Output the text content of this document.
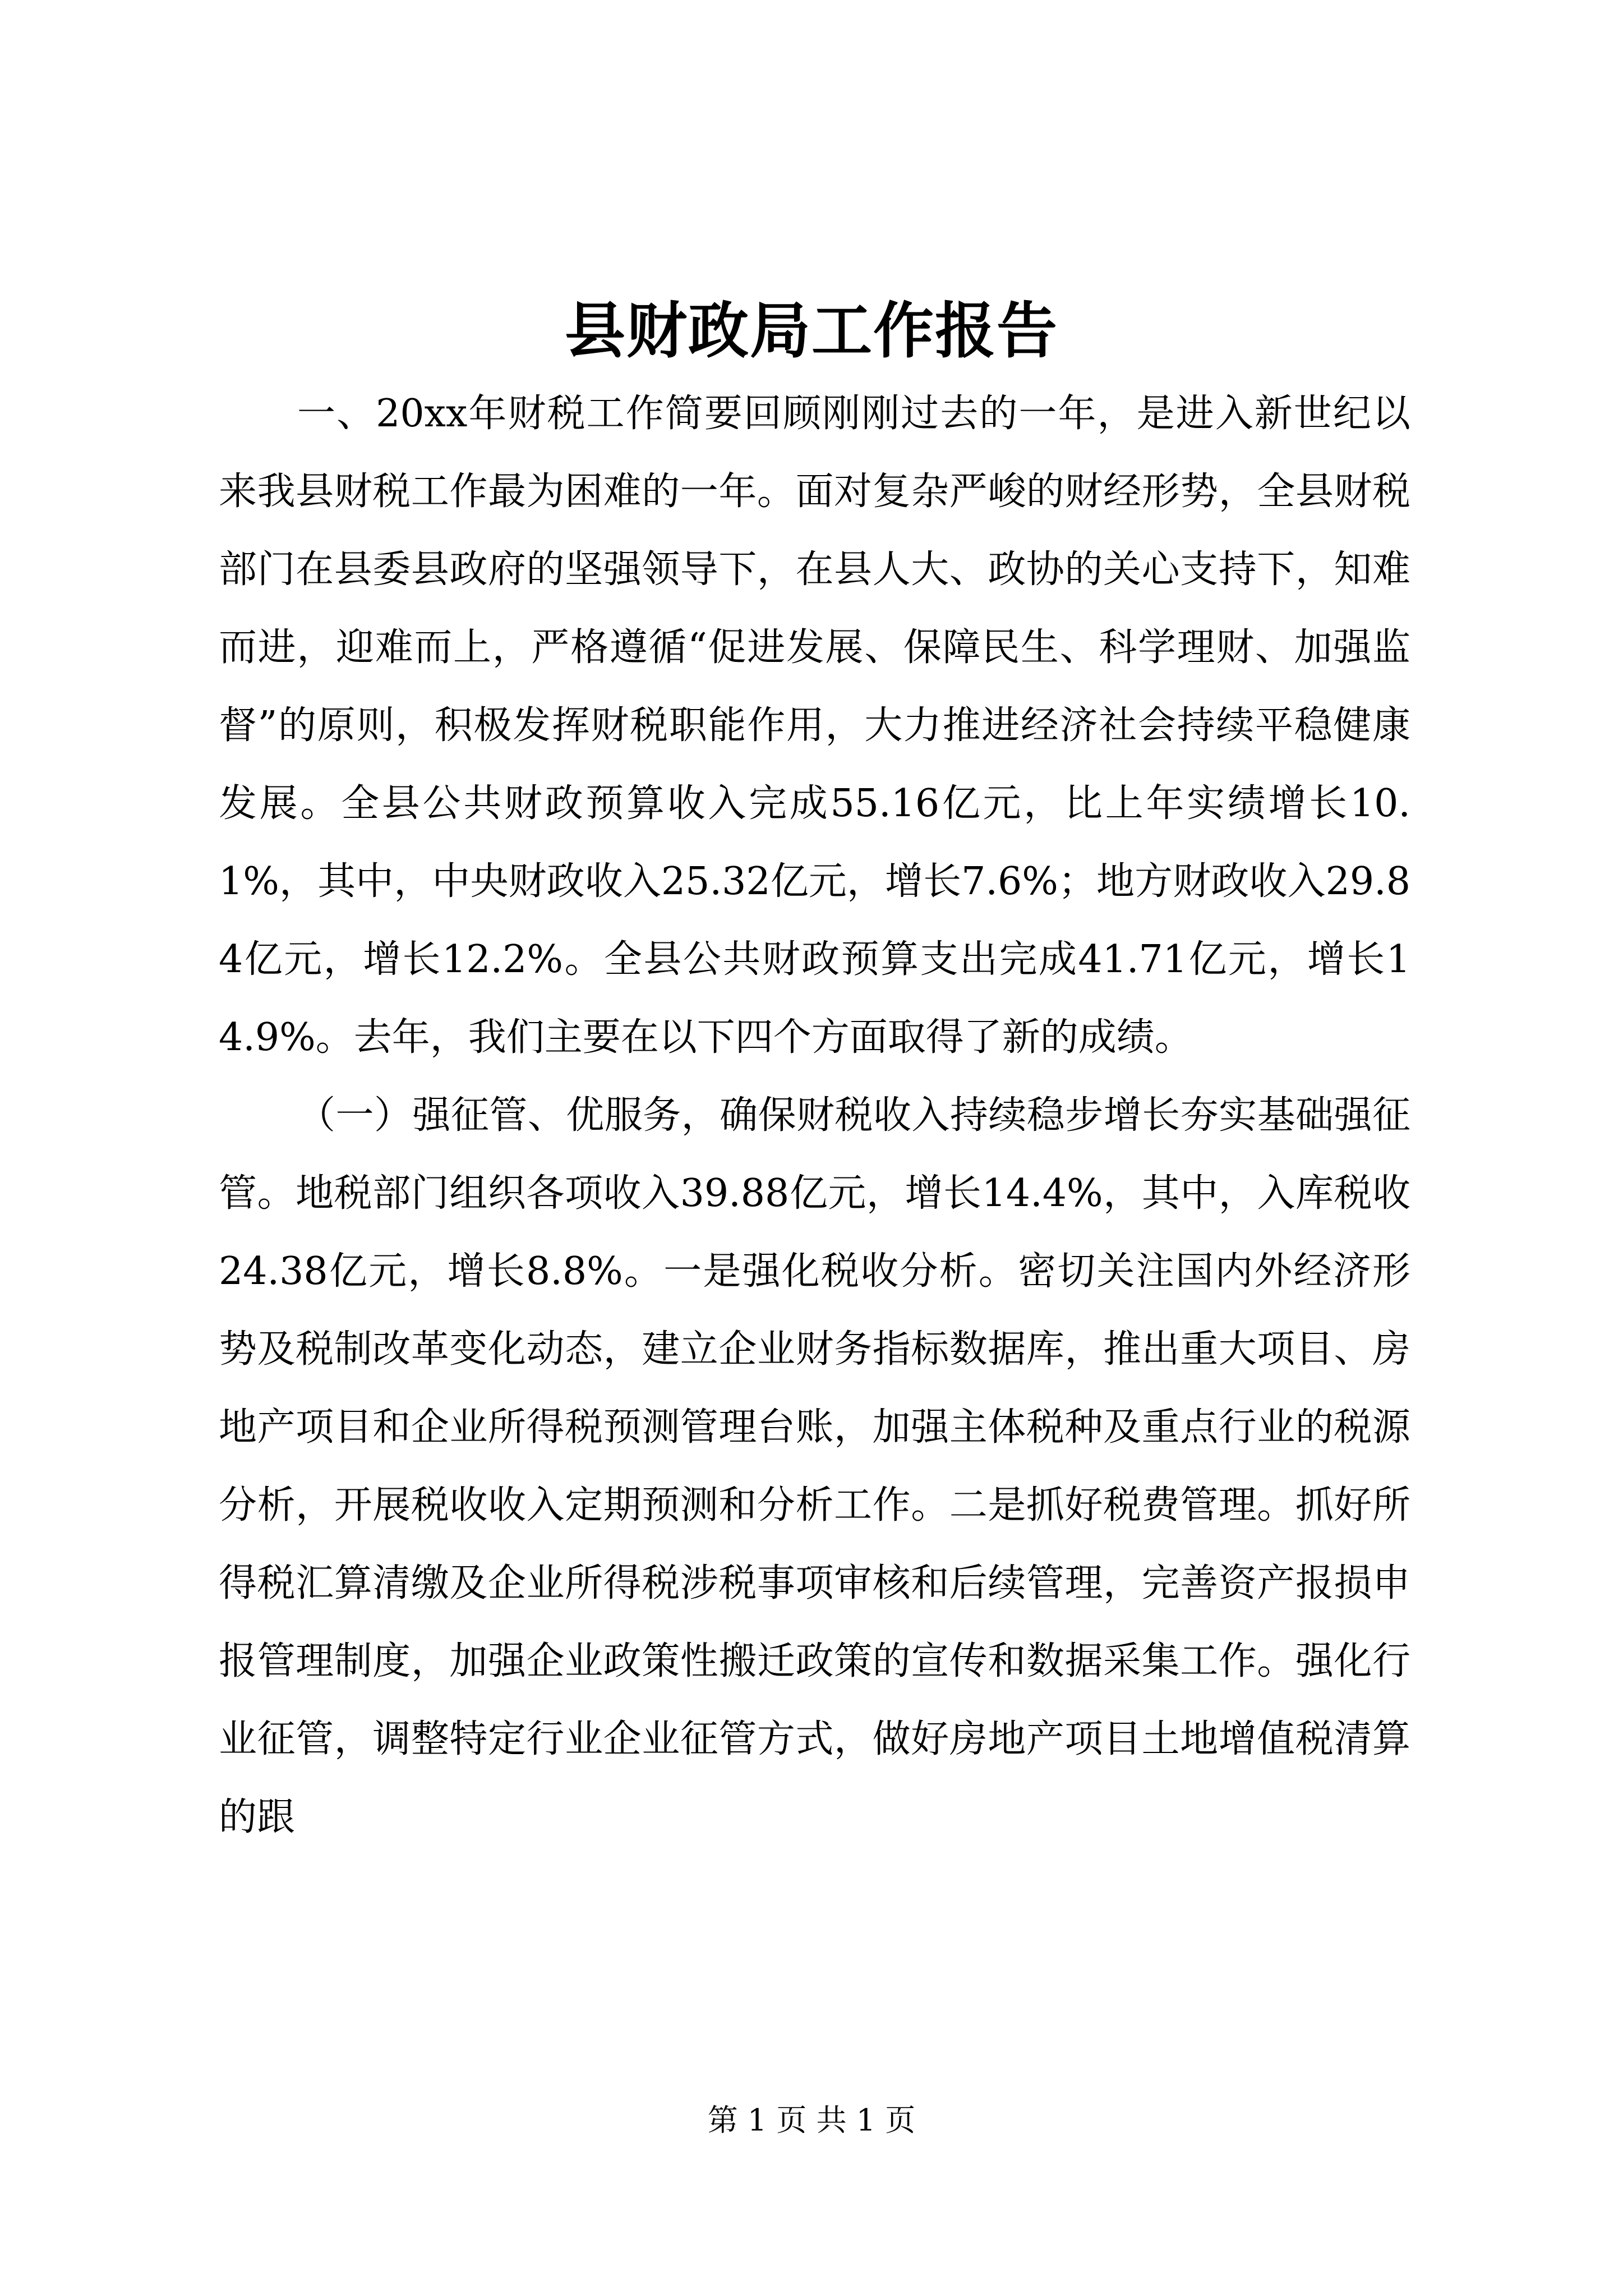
县财政局工作报告

一、20xx年财税工作简要回顾刚刚过去的一年，是进入新世纪以来我县财税工作最为困难的一年。面对复杂严峻的财经形势，全县财税部门在县委县政府的坚强领导下，在县人大、政协的关心支持下，知难而进，迎难而上，严格遵循“促进发展、保障民生、科学理财、加强监督”的原则，积极发挥财税职能作用，大力推进经济社会持续平稳健康发展。全县公共财政预算收入完成55.16亿元，比上年实绩增长10.1%，其中，中央财政收入25.32亿元，增长7.6%；地方财政收入29.84亿元，增长12.2%。全县公共财政预算支出完成41.71亿元，增长14.9%。去年，我们主要在以下四个方面取得了新的成绩。

（一）强征管、优服务，确保财税收入持续稳步增长夯实基础强征管。地税部门组织各项收入39.88亿元，增长14.4%，其中，入库税收24.38亿元，增长8.8%。一是强化税收分析。密切关注国内外经济形势及税制改革变化动态，建立企业财务指标数据库，推出重大项目、房地产项目和企业所得税预测管理台账，加强主体税种及重点行业的税源分析，开展税收收入定期预测和分析工作。二是抓好税费管理。抓好所得税汇算清缴及企业所得税涉税事项审核和后续管理，完善资产报损申报管理制度，加强企业政策性搬迁政策的宣传和数据采集工作。强化行业征管，调整特定行业企业征管方式，做好房地产项目土地增值税清算的跟

第 1 页 共 1 页
